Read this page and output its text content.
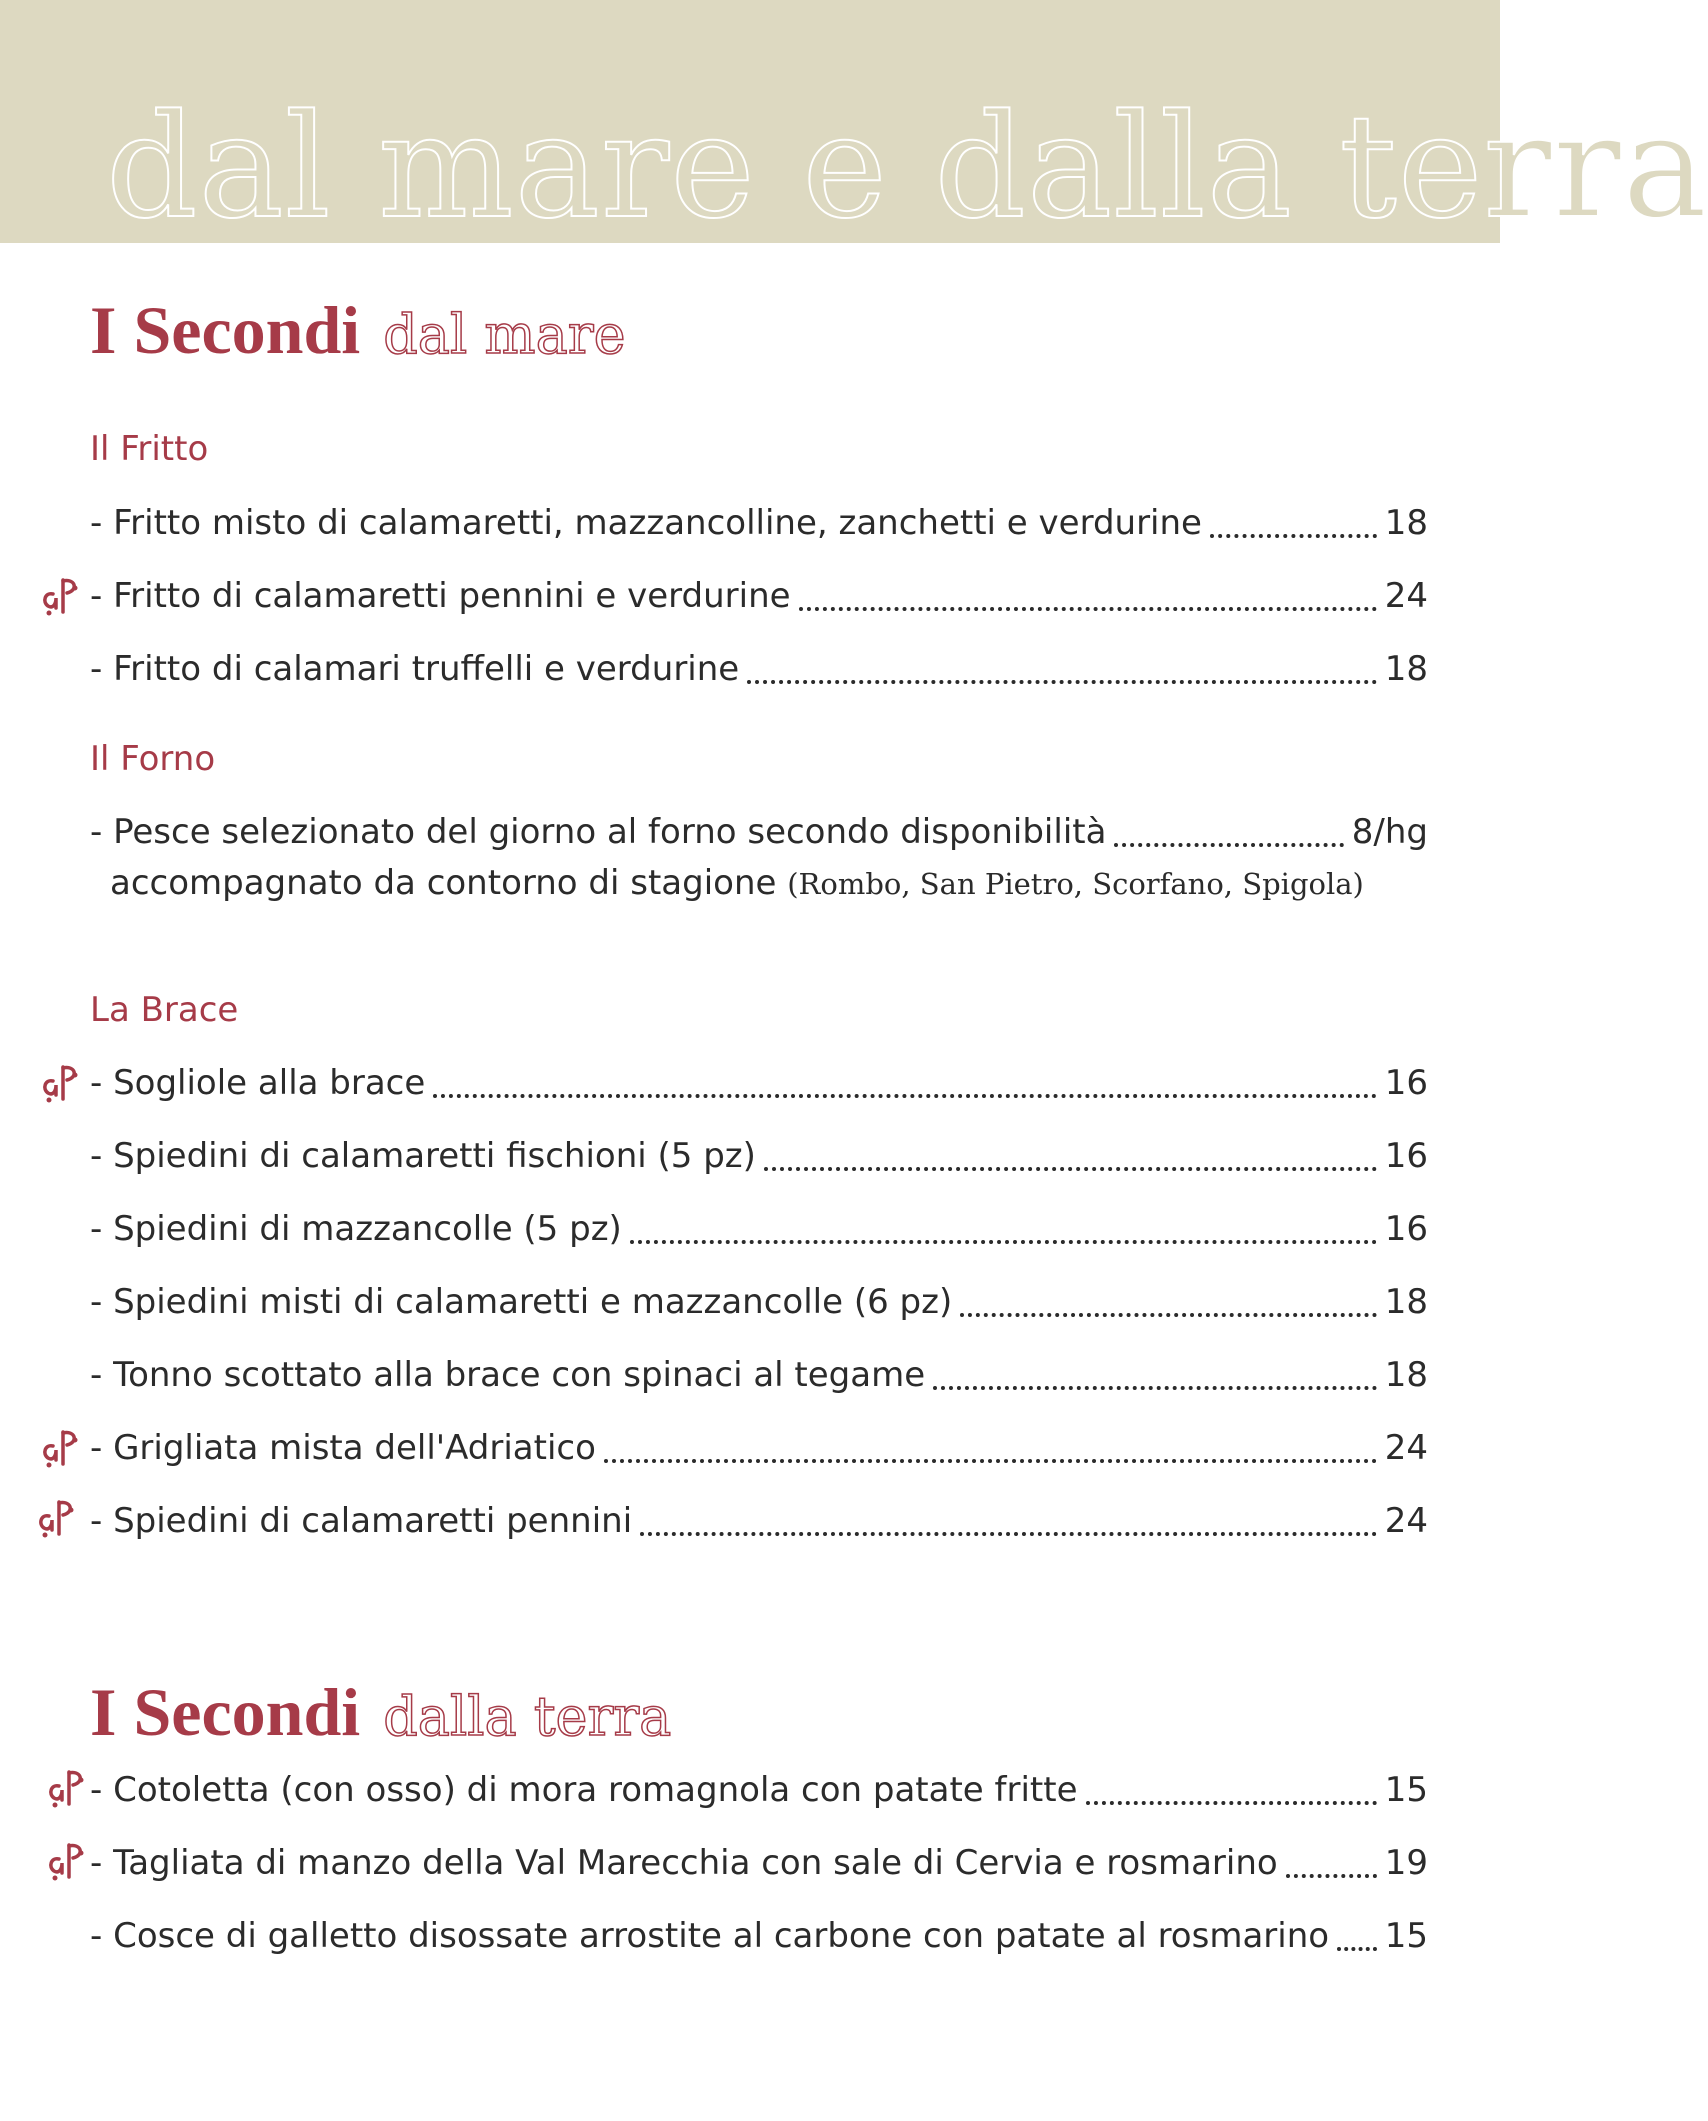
dal mare e dalla terra
I Secondi dal mare
Il Fritto
- Fritto misto di calamaretti, mazzancolline, zanchetti e verdurine	18
- Fritto di calamaretti pennini e verdurine	24
- Fritto di calamari truffelli e verdurine	18
Il Forno
- Pesce selezionato del giorno al forno secondo disponibilità	8/hg
accompagnato da contorno di stagione (Rombo, San Pietro, Scorfano, Spigola)
La Brace
- Sogliole alla brace	16
- Spiedini di calamaretti fischioni (5 pz)	16
- Spiedini di mazzancolle (5 pz)	16
- Spiedini misti di calamaretti e mazzancolle (6 pz)	18
- Tonno scottato alla brace con spinaci al tegame	18
- Grigliata mista dell'Adriatico	24
- Spiedini di calamaretti pennini	24
I Secondi dalla terra
- Cotoletta (con osso) di mora romagnola con patate fritte	15
- Tagliata di manzo della Val Marecchia con sale di Cervia e rosmarino	19
- Cosce di galletto disossate arrostite al carbone con patate al rosmarino 15
